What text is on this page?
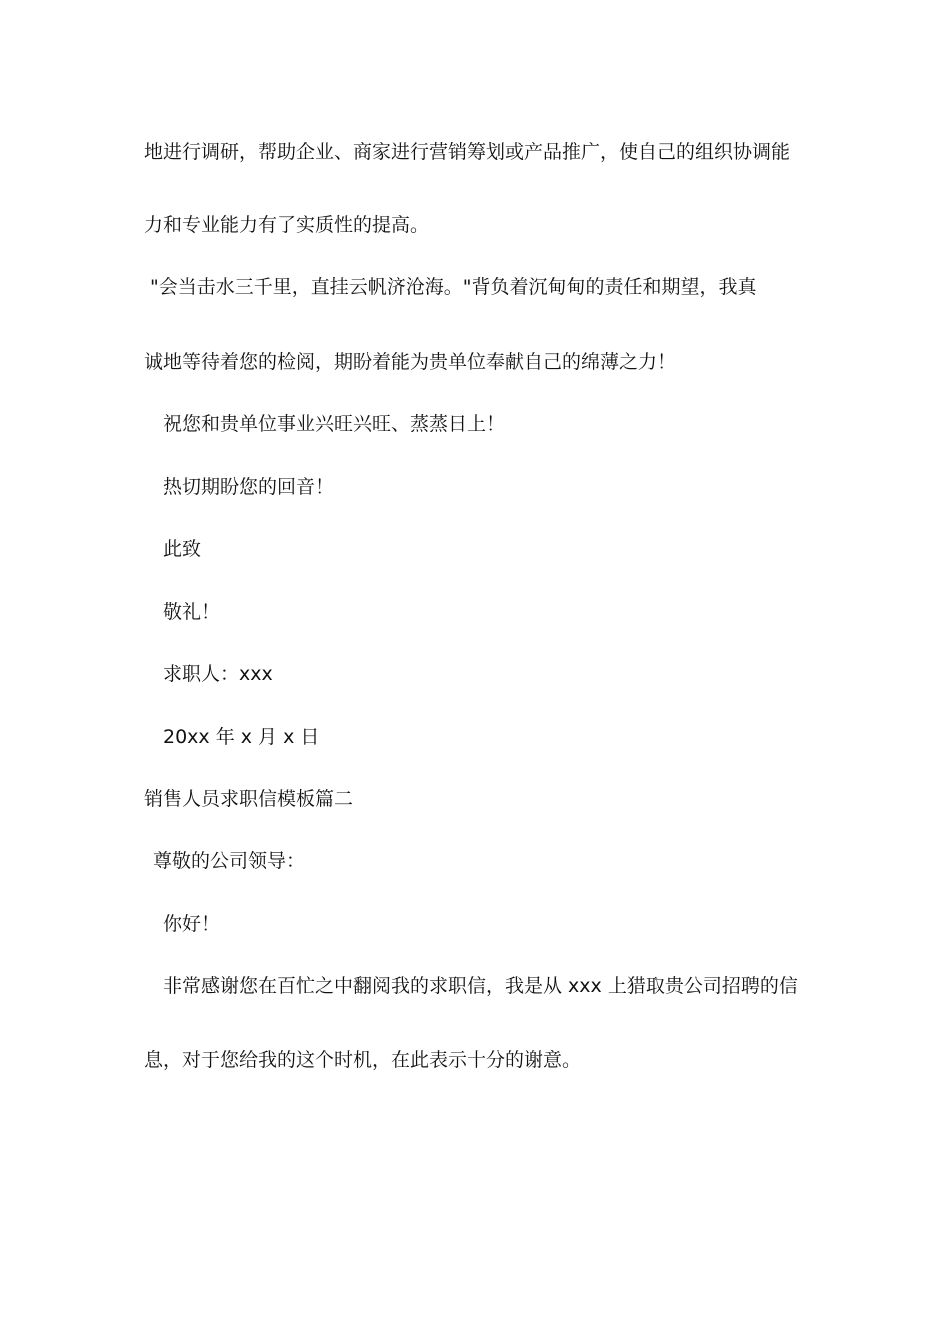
地进行调研，帮助企业、商家进行营销筹划或产品推广，使自己的组织协调能
力和专业能力有了实质性的提高。
"会当击水三千里，直挂云帆济沧海。"背负着沉甸甸的责任和期望，我真
诚地等待着您的检阅，期盼着能为贵单位奉献自己的绵薄之力！
祝您和贵单位事业兴旺兴旺、蒸蒸日上！
热切期盼您的回音！
此致
敬礼！
求职人：xxx
20xx 年 x 月 x 日
销售人员求职信模板篇二
尊敬的公司领导：
你好！
非常感谢您在百忙之中翻阅我的求职信，我是从 xxx 上猎取贵公司招聘的信
息，对于您给我的这个时机，在此表示十分的谢意。
